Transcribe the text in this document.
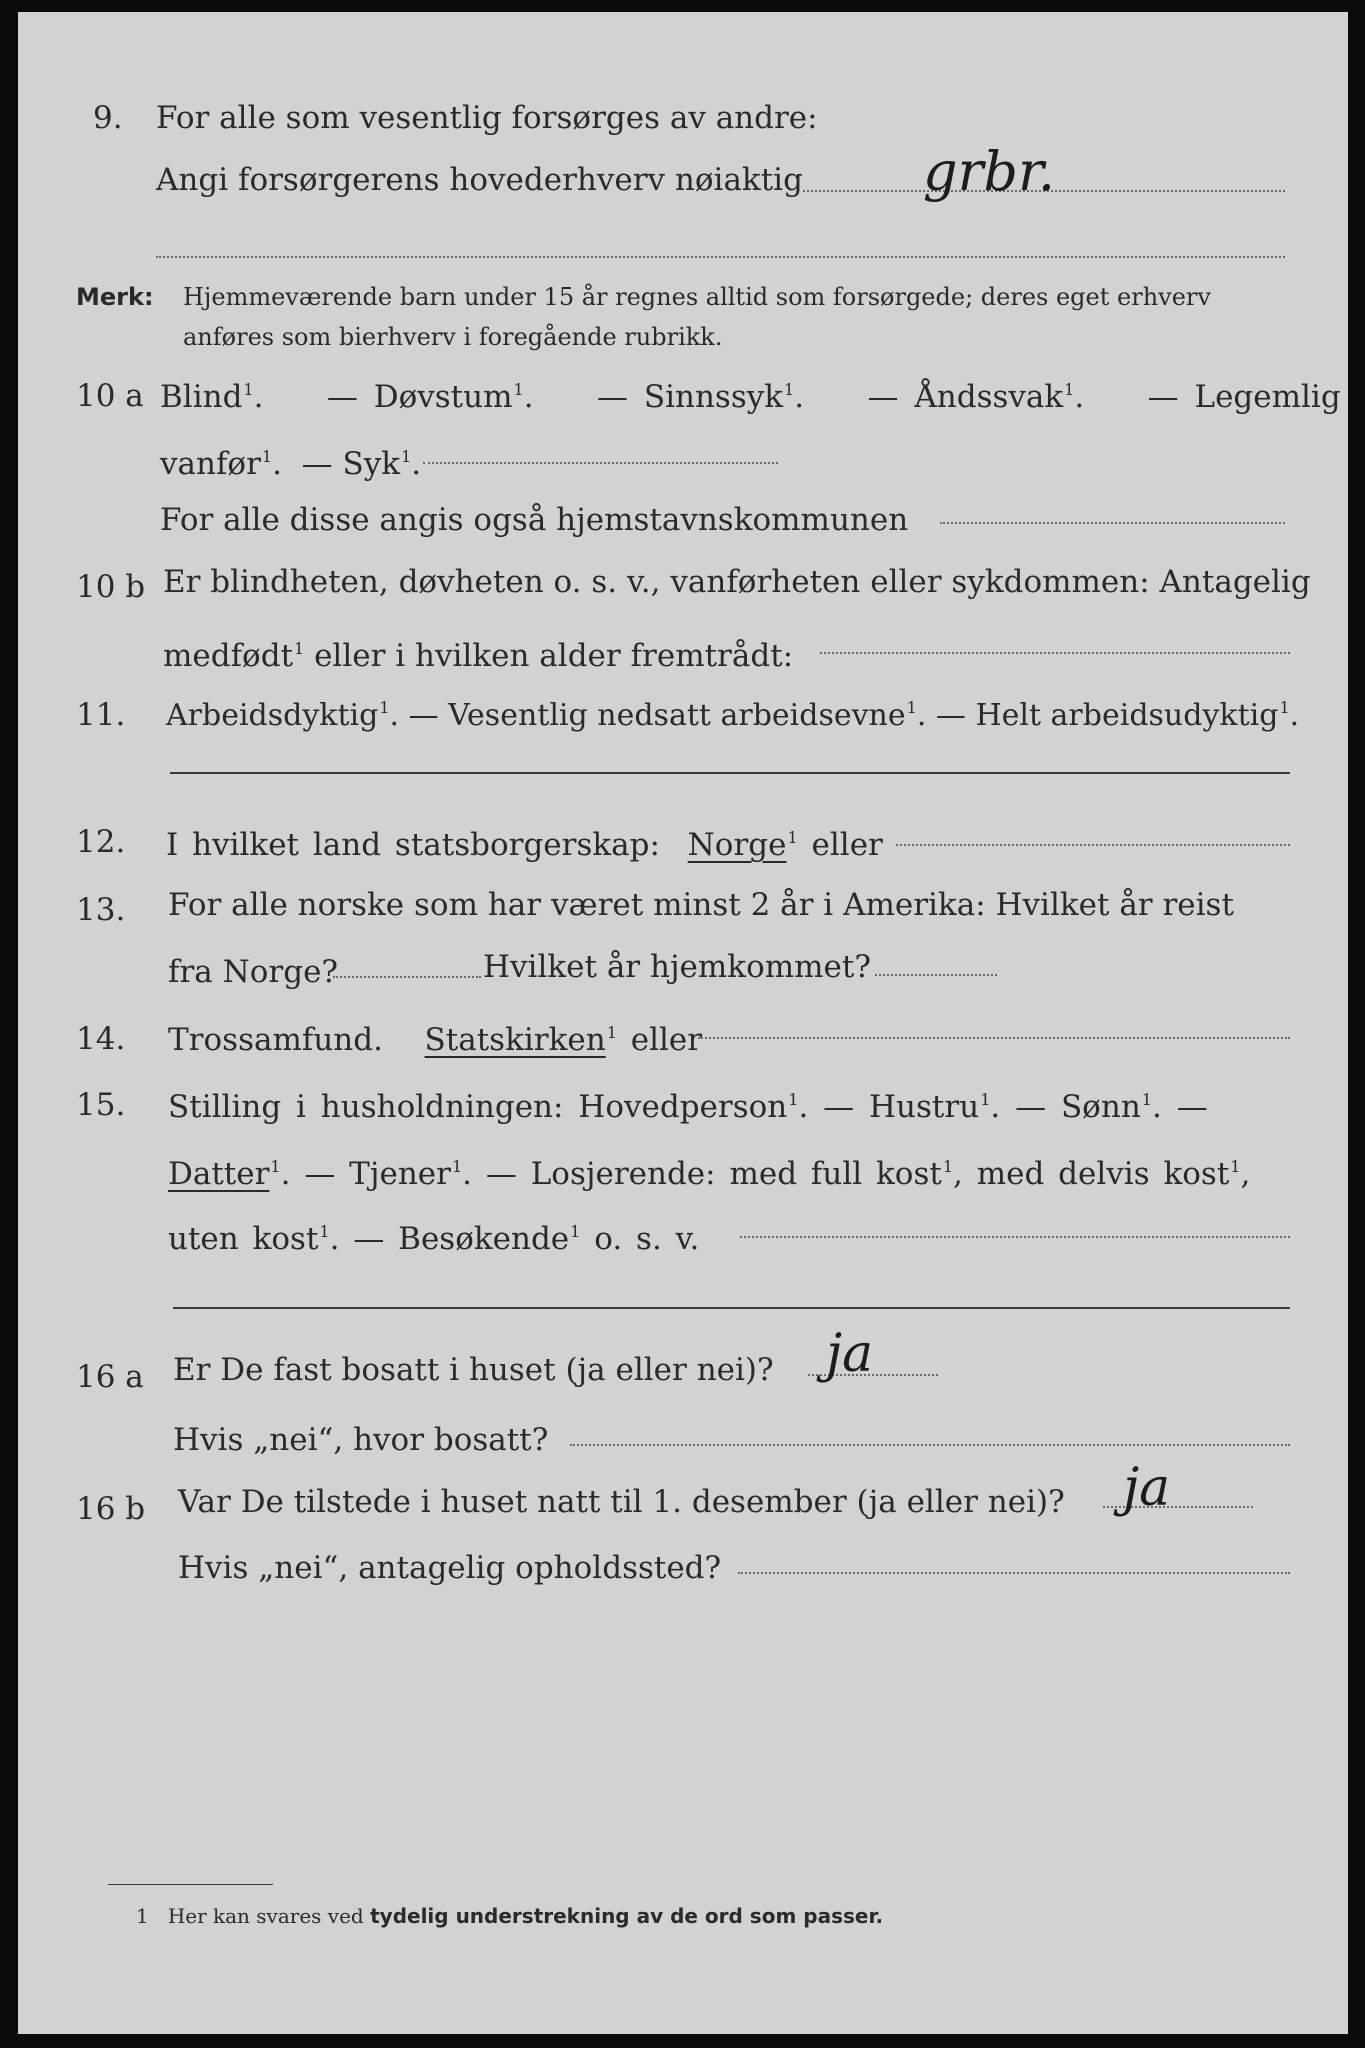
9. For alle som vesentlig forsørges av andre:
Angi forsørgerens hovederhverv nøiaktig grbr.
Merk: Hjemmeværende barn under 15 år regnes alltid som forsørgede; deres eget erhverv
anføres som bierhverv i foregående rubrikk.
10 a Blind$^1$.    — Døvstum$^1$.    — Sinnssyk$^1$.    — Åndssvak$^1$.    — Legemlig
vanfør$^1$.  — Syk$^1$.
For alle disse angis også hjemstavnskommunen
10 b Er blindheten, døvheten o. s. v., vanførheten eller sykdommen: Antagelig
medfødt$^1$ eller i hvilken alder fremtrådt:
11. Arbeidsdyktig$^1$. — Vesentlig nedsatt arbeidsevne$^1$. — Helt arbeidsudyktig$^1$.
12. I hvilket land statsborgerskap: Norge$^1$ eller
13. For alle norske som har været minst 2 år i Amerika: Hvilket år reist
fra Norge?	Hvilket år hjemkommet?
14. Trossamfund. Statskirken$^1$ eller
15. Stilling i husholdningen: Hovedperson$^1$. — Hustru$^1$. — Sønn$^1$. —
Datter$^1$. — Tjener$^1$. — Losjerende: med full kost$^1$, med delvis kost$^1$,
uten kost$^1$. — Besøkende$^1$ o. s. v.
16 a Er De fast bosatt i huset (ja eller nei)? ja
Hvis „nei“, hvor bosatt?
16 b Var De tilstede i huset natt til 1. desember (ja eller nei)? ja
Hvis „nei“, antagelig opholdssted?
1 Her kan svares ved tydelig understrekning av de ord som passer.
